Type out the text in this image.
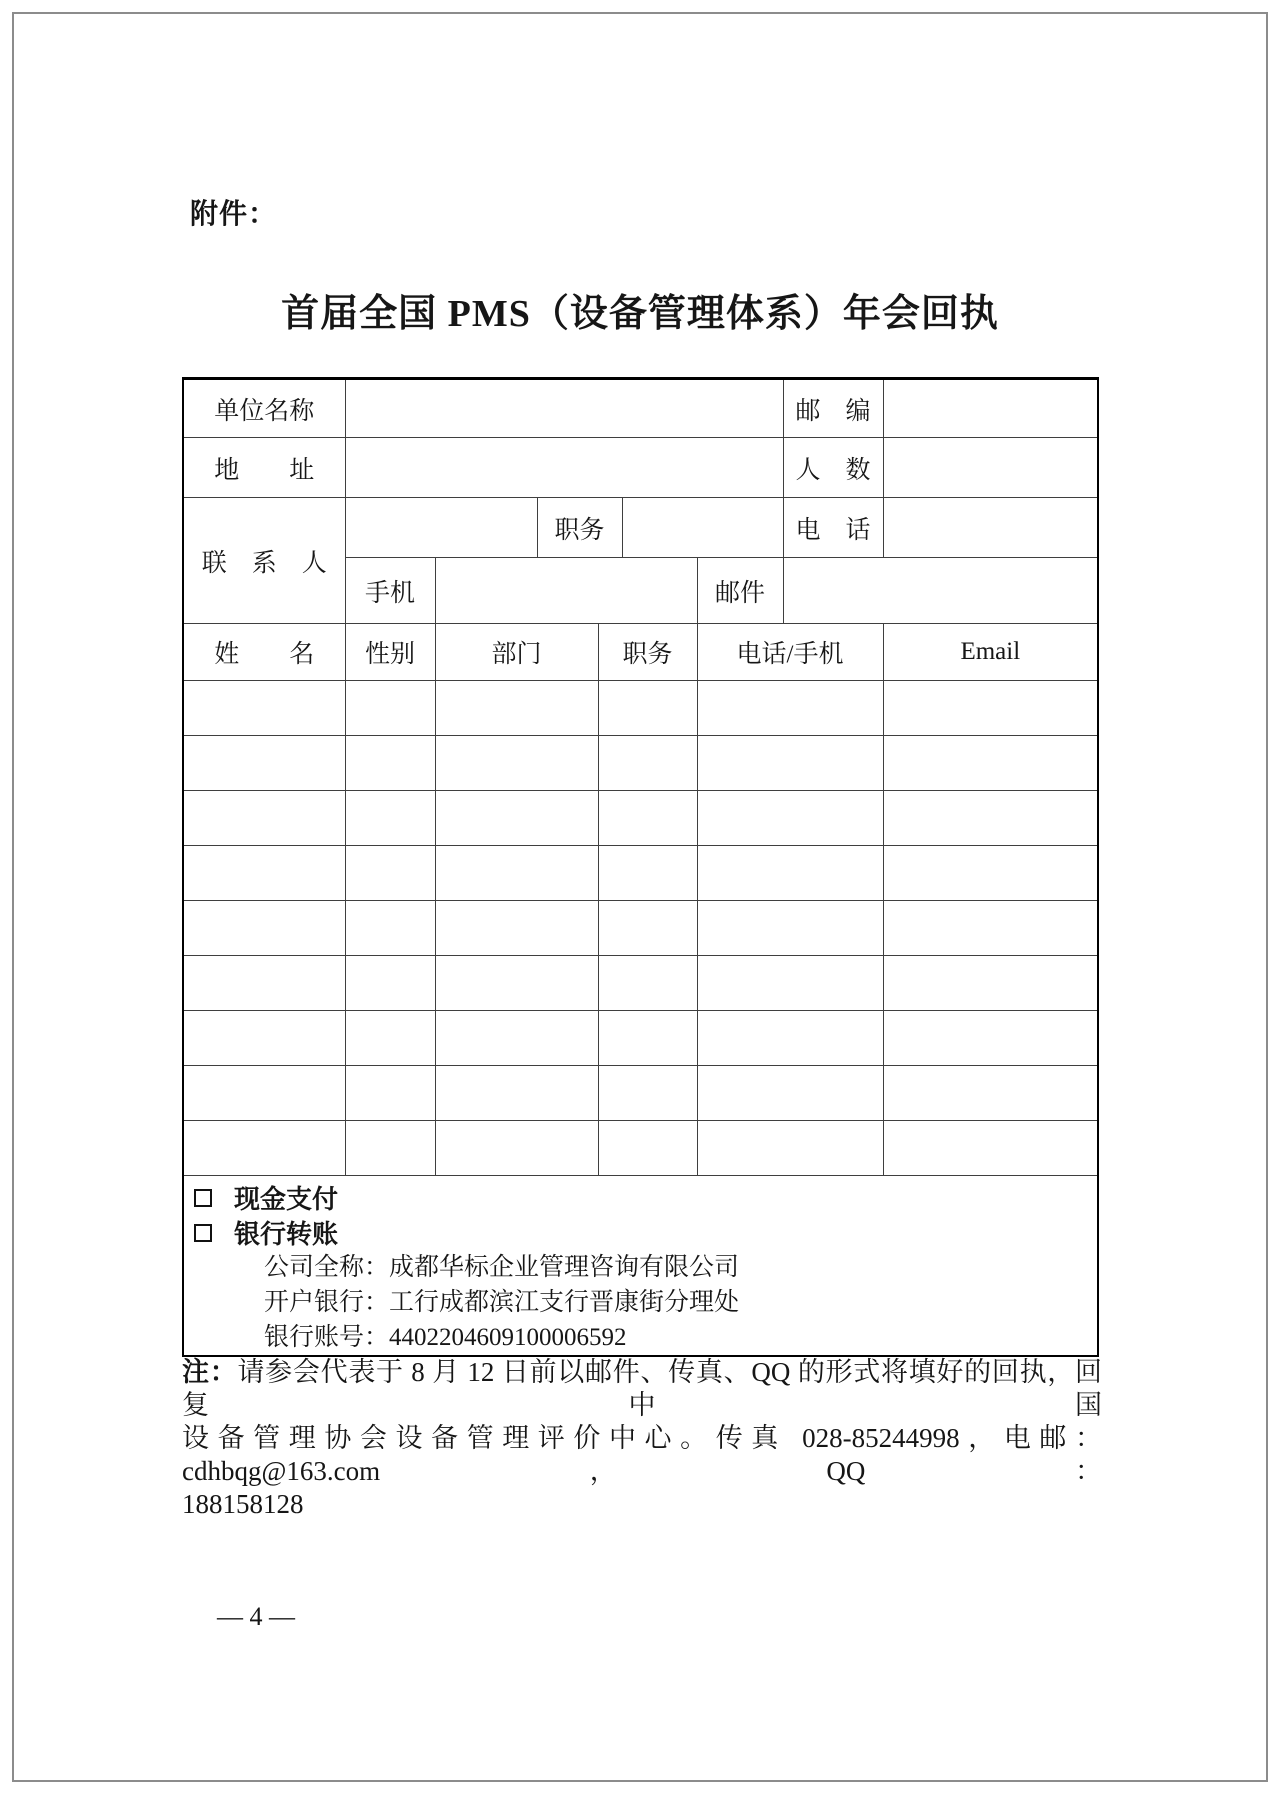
附件：
首届全国 PMS（设备管理体系）年会回执
单位名称							邮　编	
地　　址							人　数	
联　系　人			职务				电　话	
	手机					邮件		
姓　　名	性别	部门		职务		电话/手机		Email

现金支付
银行转账
公司全称：成都华标企业管理咨询有限公司
开户银行：工行成都滨江支行晋康街分理处
银行账号：4402204609100006592								
注：请参会代表于 8 月 12 日前以邮件、传真、QQ 的形式将填好的回执，回复中国
设备管理协会设备管理评价中心。传真 028-85244998，电邮：cdhbqg@163.com，QQ：
188158128
— 4 —
